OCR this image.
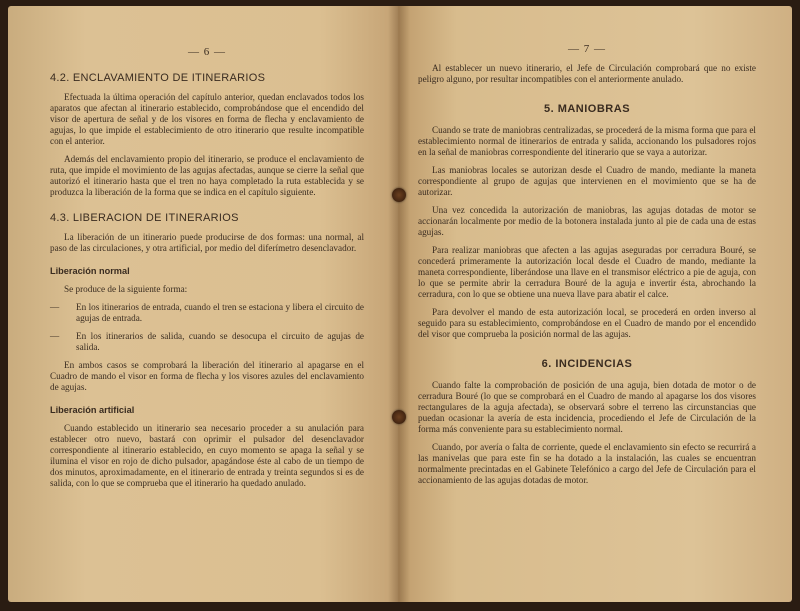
— 6 —
4.2. ENCLAVAMIENTO DE ITINERARIOS

Efectuada la última operación del capítulo anterior, quedan enclavados todos los aparatos que afectan al itinerario establecido, comprobándose que el encendido del visor de apertura de señal y de los visores en forma de flecha y enclavamiento de agujas, lo que impide el establecimiento de otro itinerario que resulte incompatible con el anterior.

Además del enclavamiento propio del itinerario, se produce el enclavamiento de ruta, que impide el movimiento de las agujas afectadas, aunque se cierre la señal que autorizó el itinerario hasta que el tren no haya completado la ruta establecida y se produzca la liberación de la forma que se indica en el capítulo siguiente.

4.3. LIBERACION DE ITINERARIOS

La liberación de un itinerario puede producirse de dos formas: una normal, al paso de las circulaciones, y otra artificial, por medio del diferímetro desenclavador.

Liberación normal

Se produce de la siguiente forma:

— En los itinerarios de entrada, cuando el tren se estaciona y libera el circuito de agujas de entrada.
— En los itinerarios de salida, cuando se desocupa el circuito de agujas de salida.

En ambos casos se comprobará la liberación del itinerario al apagarse en el Cuadro de mando el visor en forma de flecha y los visores azules del enclavamiento de agujas.

Liberación artificial

Cuando establecido un itinerario sea necesario proceder a su anulación para establecer otro nuevo, bastará con oprimir el pulsador del desenclavador correspondiente al itinerario establecido, en cuyo momento se apaga la señal y se ilumina el visor en rojo de dicho pulsador, apagándose éste al cabo de un tiempo de dos minutos, aproximadamente, en el itinerario de entrada y treinta segundos si es de salida, con lo que se comprueba que el itinerario ha quedado anulado.

— 7 —

Al establecer un nuevo itinerario, el Jefe de Circulación comprobará que no existe peligro alguno, por resultar incompatibles con el anteriormente anulado.

5. MANIOBRAS

Cuando se trate de maniobras centralizadas, se procederá de la misma forma que para el establecimiento normal de itinerarios de entrada y salida, accionando los pulsadores rojos en la señal de maniobras correspondiente del itinerario que se vaya a autorizar.

Las maniobras locales se autorizan desde el Cuadro de mando, mediante la maneta correspondiente al grupo de agujas que intervienen en el movimiento que se ha de autorizar.

Una vez concedida la autorización de maniobras, las agujas dotadas de motor se accionarán localmente por medio de la botonera instalada junto al pie de cada una de estas agujas.

Para realizar maniobras que afecten a las agujas aseguradas por cerradura Bouré, se concederá primeramente la autorización local desde el Cuadro de mando, mediante la maneta correspondiente, liberándose una llave en el transmisor eléctrico a pie de aguja, con lo que se permite abrir la cerradura Bouré de la aguja e invertir ésta, abrochando la cerradura, con lo que se obtiene una nueva llave para abatir el calce.

Para devolver el mando de esta autorización local, se procederá en orden inverso al seguido para su establecimiento, comprobándose en el Cuadro de mando por el encendido del visor que comprueba la posición normal de las agujas.

6. INCIDENCIAS

Cuando falte la comprobación de posición de una aguja, bien dotada de motor o de cerradura Bouré (lo que se comprobará en el Cuadro de mando al apagarse los dos visores rectangulares de la aguja afectada), se observará sobre el terreno las circunstancias que puedan ocasionar la avería de esta incidencia, procediendo el Jefe de Circulación de la forma más conveniente para su establecimiento normal.

Cuando, por avería o falta de corriente, quede el enclavamiento sin efecto se recurrirá a las manivelas que para este fin se ha dotado a la instalación, las cuales se encuentran normalmente precintadas en el Gabinete Telefónico a cargo del Jefe de Circulación para el accionamiento de las agujas dotadas de motor.
